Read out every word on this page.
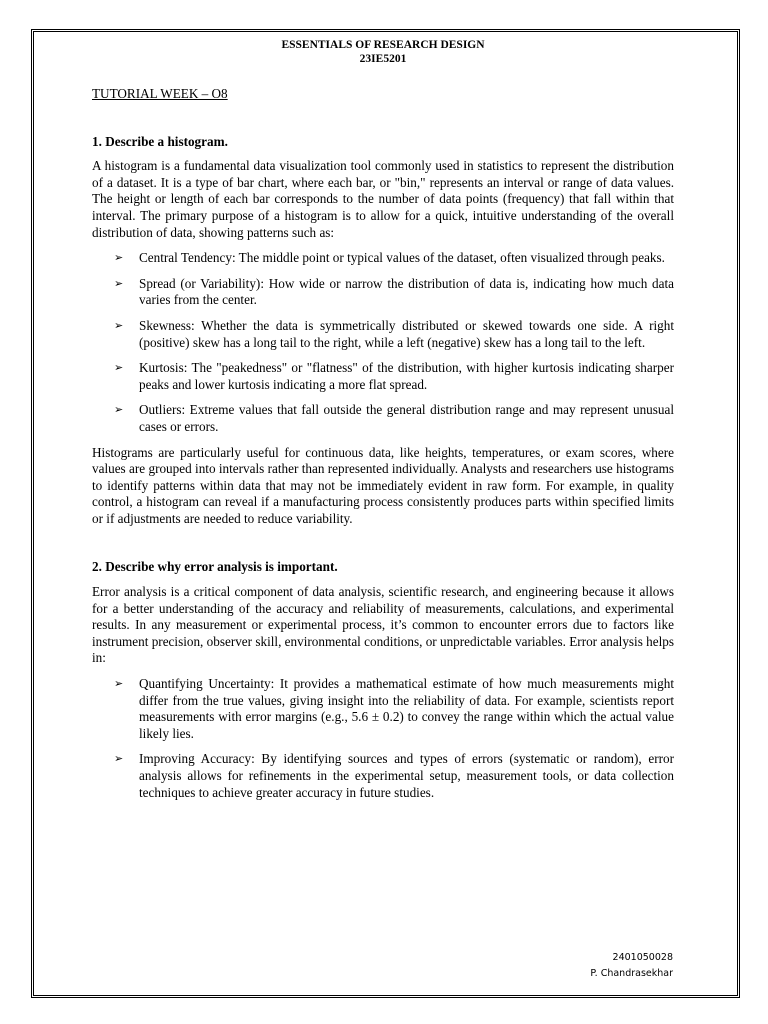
ESSENTIALS OF RESEARCH DESIGN
23IE5201
TUTORIAL WEEK – O8
1. Describe a histogram.

A histogram is a fundamental data visualization tool commonly used in statistics to represent the distribution of a dataset. It is a type of bar chart, where each bar, or "bin," represents an interval or range of data values. The height or length of each bar corresponds to the number of data points (frequency) that fall within that interval. The primary purpose of a histogram is to allow for a quick, intuitive understanding of the overall distribution of data, showing patterns such as:

➢ Central Tendency: The middle point or typical values of the dataset, often visualized through peaks.
➢ Spread (or Variability): How wide or narrow the distribution of data is, indicating how much data varies from the center.
➢ Skewness: Whether the data is symmetrically distributed or skewed towards one side. A right (positive) skew has a long tail to the right, while a left (negative) skew has a long tail to the left.
➢ Kurtosis: The "peakedness" or "flatness" of the distribution, with higher kurtosis indicating sharper peaks and lower kurtosis indicating a more flat spread.
➢ Outliers: Extreme values that fall outside the general distribution range and may represent unusual cases or errors.

Histograms are particularly useful for continuous data, like heights, temperatures, or exam scores, where values are grouped into intervals rather than represented individually. Analysts and researchers use histograms to identify patterns within data that may not be immediately evident in raw form. For example, in quality control, a histogram can reveal if a manufacturing process consistently produces parts within specified limits or if adjustments are needed to reduce variability.

2. Describe why error analysis is important.

Error analysis is a critical component of data analysis, scientific research, and engineering because it allows for a better understanding of the accuracy and reliability of measurements, calculations, and experimental results. In any measurement or experimental process, it’s common to encounter errors due to factors like instrument precision, observer skill, environmental conditions, or unpredictable variables. Error analysis helps in:

➢ Quantifying Uncertainty: It provides a mathematical estimate of how much measurements might differ from the true values, giving insight into the reliability of data. For example, scientists report measurements with error margins (e.g., 5.6 ± 0.2) to convey the range within which the actual value likely lies.
➢ Improving Accuracy: By identifying sources and types of errors (systematic or random), error analysis allows for refinements in the experimental setup, measurement tools, or data collection techniques to achieve greater accuracy in future studies.
2401050028
P. Chandrasekhar
